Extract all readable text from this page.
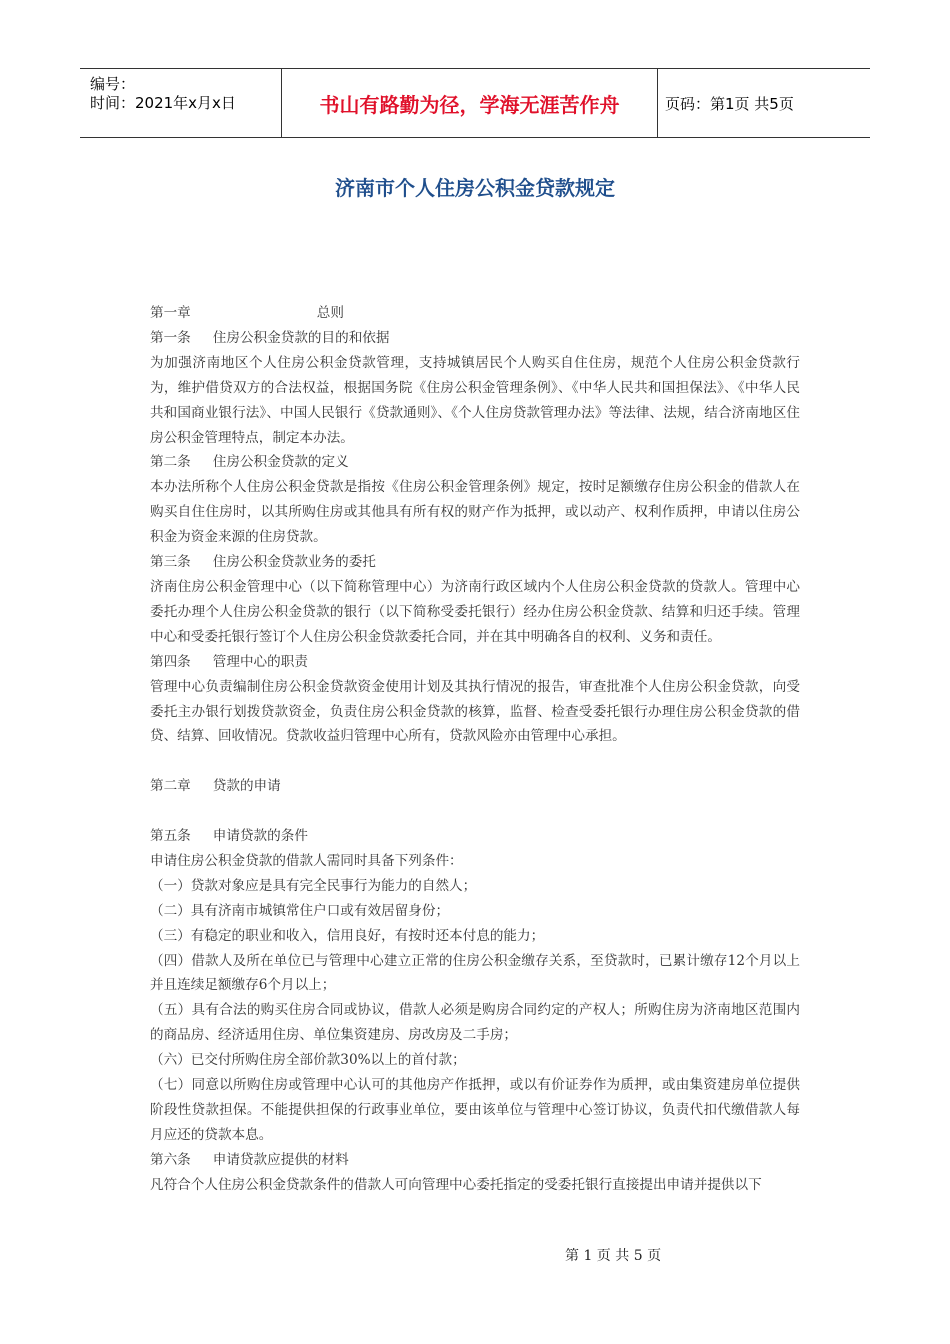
编号：
时间：2021年x月x日	书山有路勤为径，学海无涯苦作舟	页码：第1页 共5页
济南市个人住房公积金贷款规定

第一章	总则

第一条 住房公积金贷款的目的和依据

为加强济南地区个人住房公积金贷款管理，支持城镇居民个人购买自住住房，规范个人住房公积金贷款行为，维护借贷双方的合法权益，根据国务院《住房公积金管理条例》、《中华人民共和国担保法》、《中华人民共和国商业银行法》、中国人民银行《贷款通则》、《个人住房贷款管理办法》等法律、法规，结合济南地区住房公积金管理特点，制定本办法。

第二条 住房公积金贷款的定义

本办法所称个人住房公积金贷款是指按《住房公积金管理条例》规定，按时足额缴存住房公积金的借款人在购买自住住房时，以其所购住房或其他具有所有权的财产作为抵押，或以动产、权利作质押，申请以住房公积金为资金来源的住房贷款。

第三条 住房公积金贷款业务的委托

济南住房公积金管理中心（以下简称管理中心）为济南行政区域内个人住房公积金贷款的贷款人。管理中心委托办理个人住房公积金贷款的银行（以下简称受委托银行）经办住房公积金贷款、结算和归还手续。管理中心和受委托银行签订个人住房公积金贷款委托合同，并在其中明确各自的权利、义务和责任。

第四条 管理中心的职责

管理中心负责编制住房公积金贷款资金使用计划及其执行情况的报告，审查批准个人住房公积金贷款，向受委托主办银行划拨贷款资金，负责住房公积金贷款的核算，监督、检查受委托银行办理住房公积金贷款的借贷、结算、回收情况。贷款收益归管理中心所有，贷款风险亦由管理中心承担。

第二章 贷款的申请

第五条 申请贷款的条件

申请住房公积金贷款的借款人需同时具备下列条件：

（一）贷款对象应是具有完全民事行为能力的自然人；

（二）具有济南市城镇常住户口或有效居留身份；

（三）有稳定的职业和收入，信用良好，有按时还本付息的能力；

（四）借款人及所在单位已与管理中心建立正常的住房公积金缴存关系，至贷款时，已累计缴存12个月以上并且连续足额缴存6个月以上；

（五）具有合法的购买住房合同或协议，借款人必须是购房合同约定的产权人；所购住房为济南地区范围内的商品房、经济适用住房、单位集资建房、房改房及二手房；

（六）已交付所购住房全部价款30%以上的首付款；

（七）同意以所购住房或管理中心认可的其他房产作抵押，或以有价证券作为质押，或由集资建房单位提供阶段性贷款担保。不能提供担保的行政事业单位，要由该单位与管理中心签订协议，负责代扣代缴借款人每月应还的贷款本息。

第六条 申请贷款应提供的材料

凡符合个人住房公积金贷款条件的借款人可向管理中心委托指定的受委托银行直接提出申请并提供以下

第 1 页 共 5 页
